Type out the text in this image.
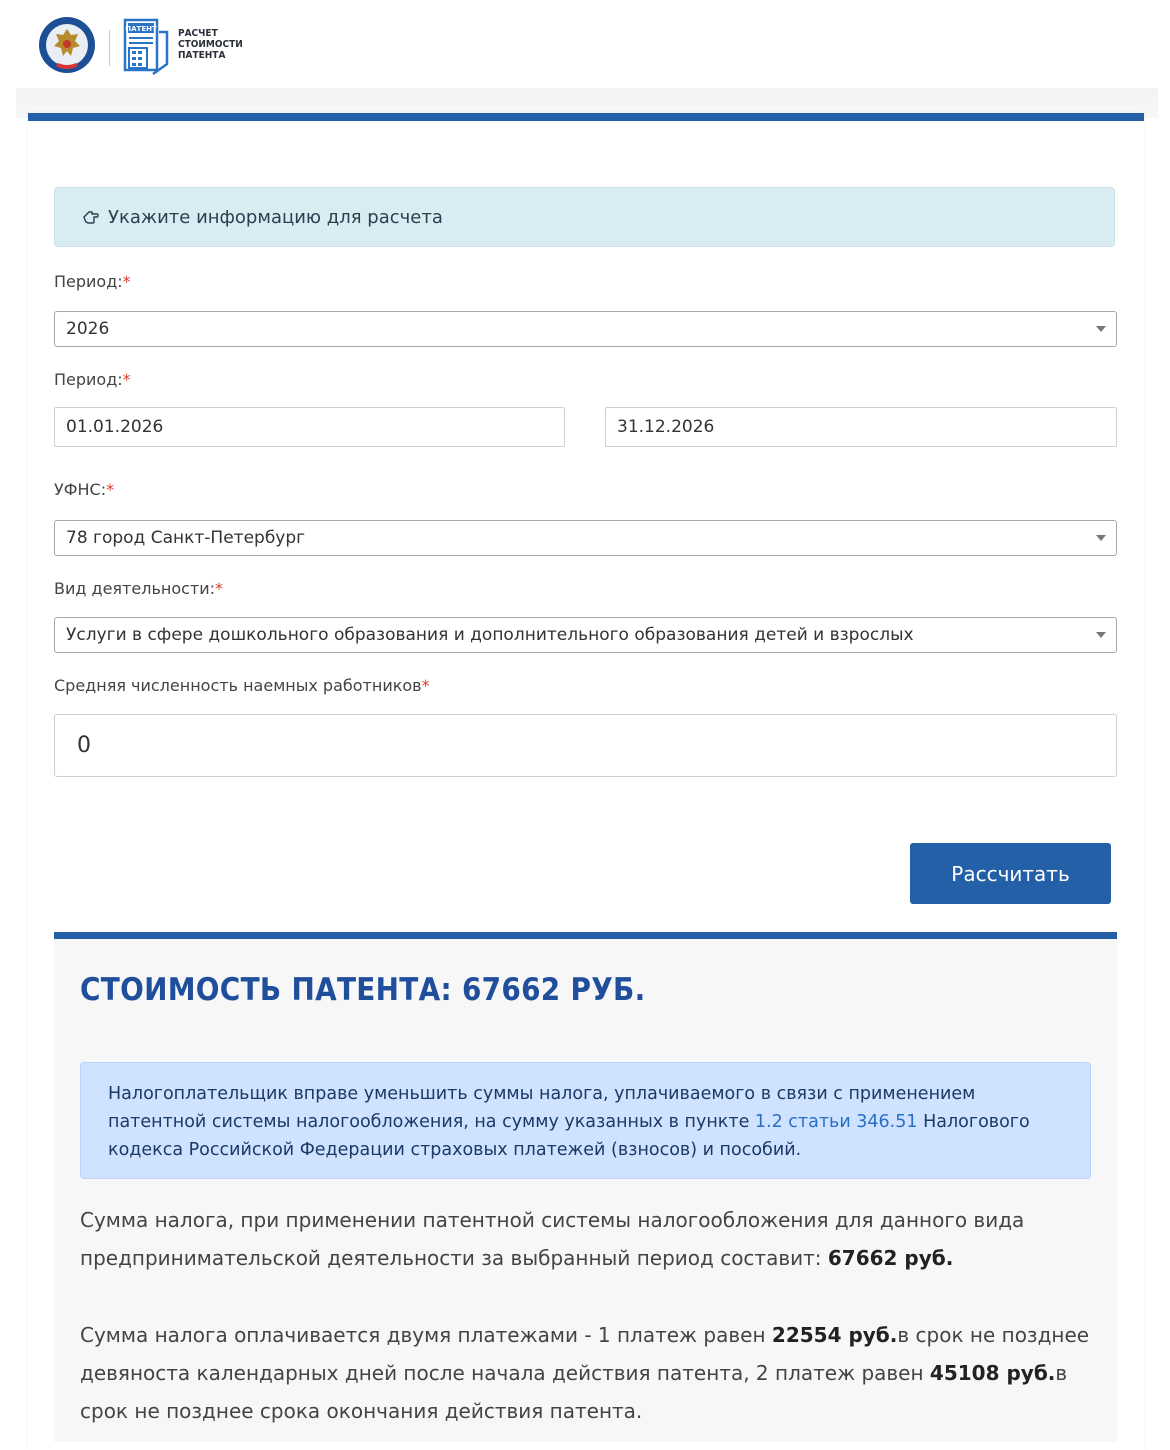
ПАТЕНТ РАСЧЕТ
СТОИМОСТИ
ПАТЕНТА
Укажите информацию для расчета
Период:*
2026
Период:*
01.01.2026	31.12.2026
УФНС:*
78 город Санкт-Петербург
Вид деятельности:*
Услуги в сфере дошкольного образования и дополнительного образования детей и взрослых
Средняя численность наемных работников*
0
Рассчитать
СТОИМОСТЬ ПАТЕНТА: 67662 РУБ.
Налогоплательщик вправе уменьшить суммы налога, уплачиваемого в связи с применением патентной системы налогообложения, на сумму указанных в пункте 1.2 статьи 346.51 Налогового кодекса Российской Федерации страховых платежей (взносов) и пособий.
Сумма налога, при применении патентной системы налогообложения для данного вида предпринимательской деятельности за выбранный период составит: 67662 руб.
Сумма налога оплачивается двумя платежами - 1 платеж равен 22554 руб.в срок не позднее девяноста календарных дней после начала действия патента, 2 платеж равен 45108 руб.в срок не позднее срока окончания действия патента.
